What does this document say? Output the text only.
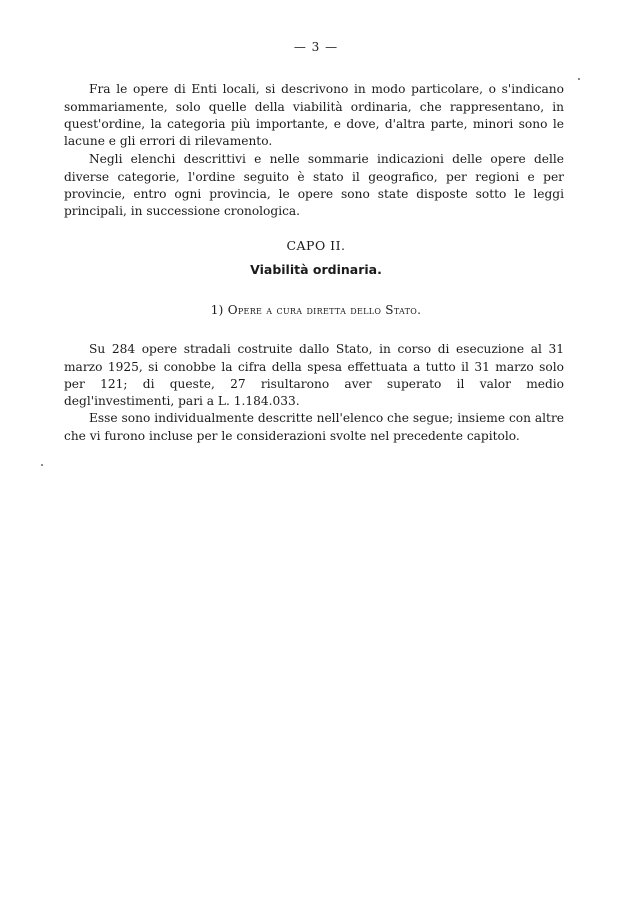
— 3 —

Fra le opere di Enti locali, si descrivono in modo particolare, o s'indicano sommariamente, solo quelle della viabilità ordinaria, che rappresentano, in quest'ordine, la categoria più importante, e dove, d'altra parte, minori sono le lacune e gli errori di rilevamento.

Negli elenchi descrittivi e nelle sommarie indicazioni delle opere delle diverse categorie, l'ordine seguito è stato il geografico, per regioni e per provincie, entro ogni provincia, le opere sono state disposte sotto le leggi principali, in successione cronologica.

CAPO II.
Viabilità ordinaria.
1) Opere a cura diretta dello Stato.

Su 284 opere stradali costruite dallo Stato, in corso di esecuzione al 31 marzo 1925, si conobbe la cifra della spesa effettuata a tutto il 31 marzo solo per 121; di queste, 27 risultarono aver superato il valor medio degl'investimenti, pari a L. 1.184.033.

Esse sono individualmente descritte nell'elenco che segue; insieme con altre che vi furono incluse per le considerazioni svolte nel precedente capitolo.
